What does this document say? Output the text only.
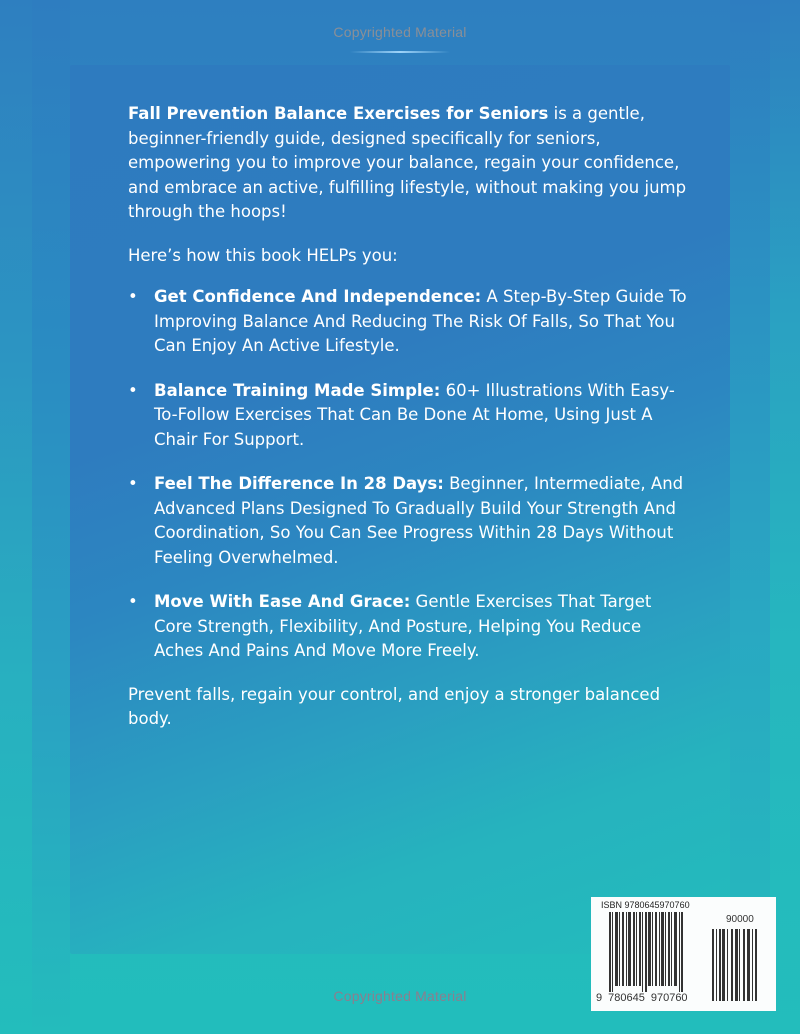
Copyrighted Material

Fall Prevention Balance Exercises for Seniors is a gentle, beginner-friendly guide, designed specifically for seniors, empowering you to improve your balance, regain your confidence, and embrace an active, fulfilling lifestyle, without making you jump through the hoops!

Here’s how this book HELPs you:

• Get Confidence And Independence: A Step-By-Step Guide To Improving Balance And Reducing The Risk Of Falls, So That You Can Enjoy An Active Lifestyle.
• Balance Training Made Simple: 60+ Illustrations With Easy-To-Follow Exercises That Can Be Done At Home, Using Just A Chair For Support.
• Feel The Difference In 28 Days: Beginner, Intermediate, And Advanced Plans Designed To Gradually Build Your Strength And Coordination, So You Can See Progress Within 28 Days Without Feeling Overwhelmed.
• Move With Ease And Grace: Gentle Exercises That Target Core Strength, Flexibility, And Posture, Helping You Reduce Aches And Pains And Move More Freely.

Prevent falls, regain your control, and enjoy a stronger balanced body.

ISBN 9780645970760
90000
9 780645 970760
Copyrighted Material
